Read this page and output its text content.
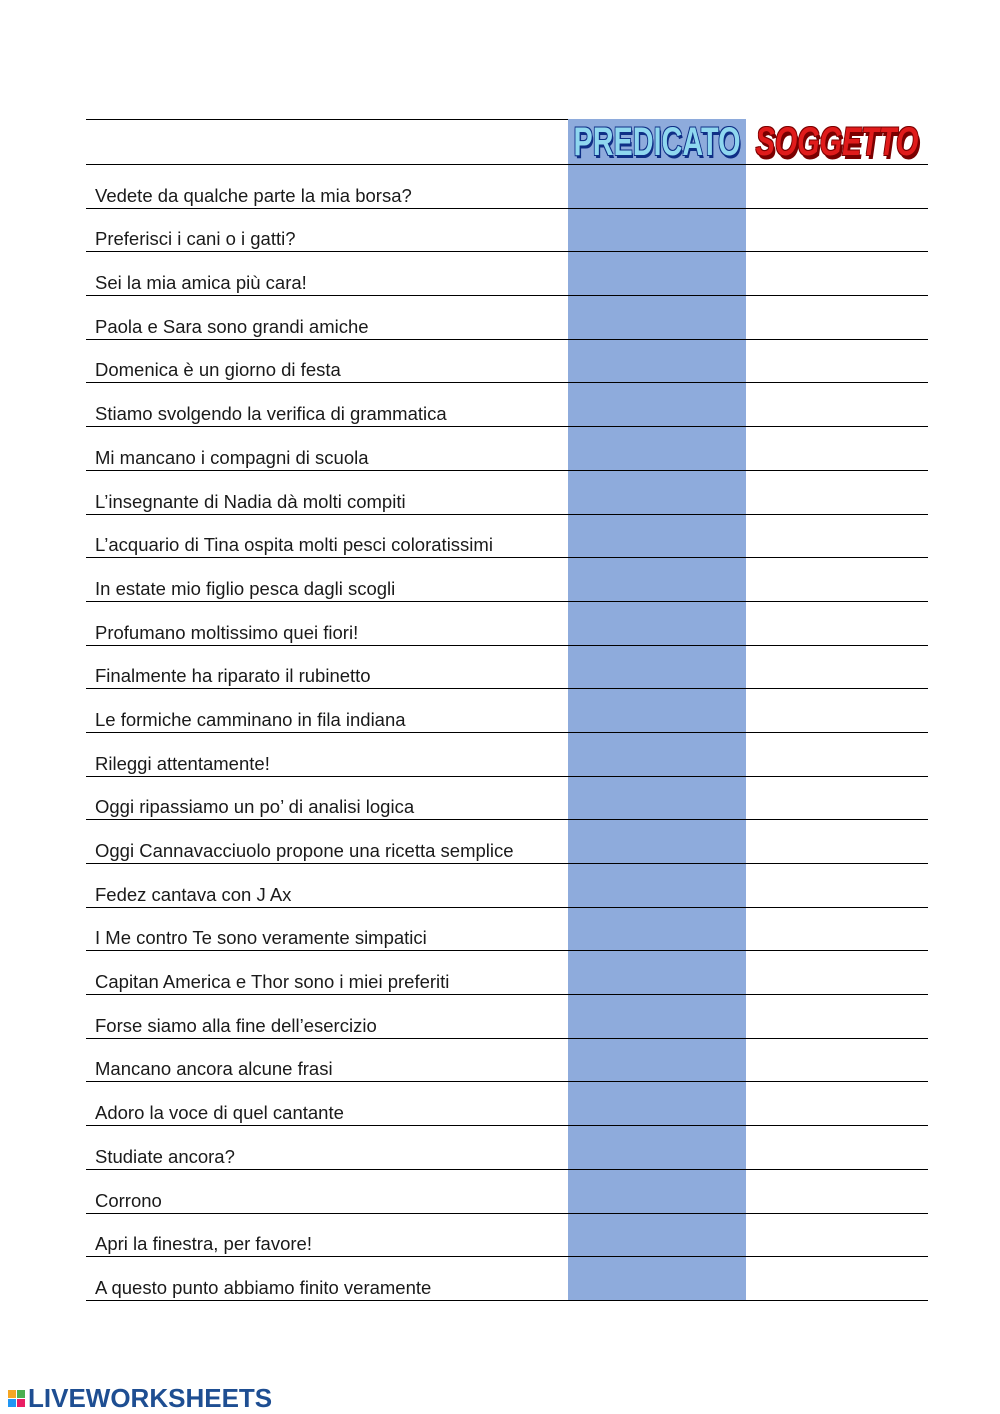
PREDICATO SOGGETTO
Vedete da qualche parte la mia borsa?
Preferisci i cani o i gatti?
Sei la mia amica più cara!
Paola e Sara sono grandi amiche
Domenica è un giorno di festa
Stiamo svolgendo la verifica di grammatica
Mi mancano i compagni di scuola
L’insegnante di Nadia dà molti compiti
L’acquario di Tina ospita molti pesci coloratissimi
In estate mio figlio pesca dagli scogli
Profumano moltissimo quei fiori!
Finalmente ha riparato il rubinetto
Le formiche camminano in fila indiana
Rileggi attentamente!
Oggi ripassiamo un po’ di analisi logica
Oggi Cannavacciuolo propone una ricetta semplice
Fedez cantava con J Ax
I Me contro Te sono veramente simpatici
Capitan America e Thor sono i miei preferiti
Forse siamo alla fine dell’esercizio
Mancano ancora alcune frasi
Adoro la voce di quel cantante
Studiate ancora?
Corrono
Apri la finestra, per favore!
A questo punto abbiamo finito veramente
LIVEWORKSHEETS
